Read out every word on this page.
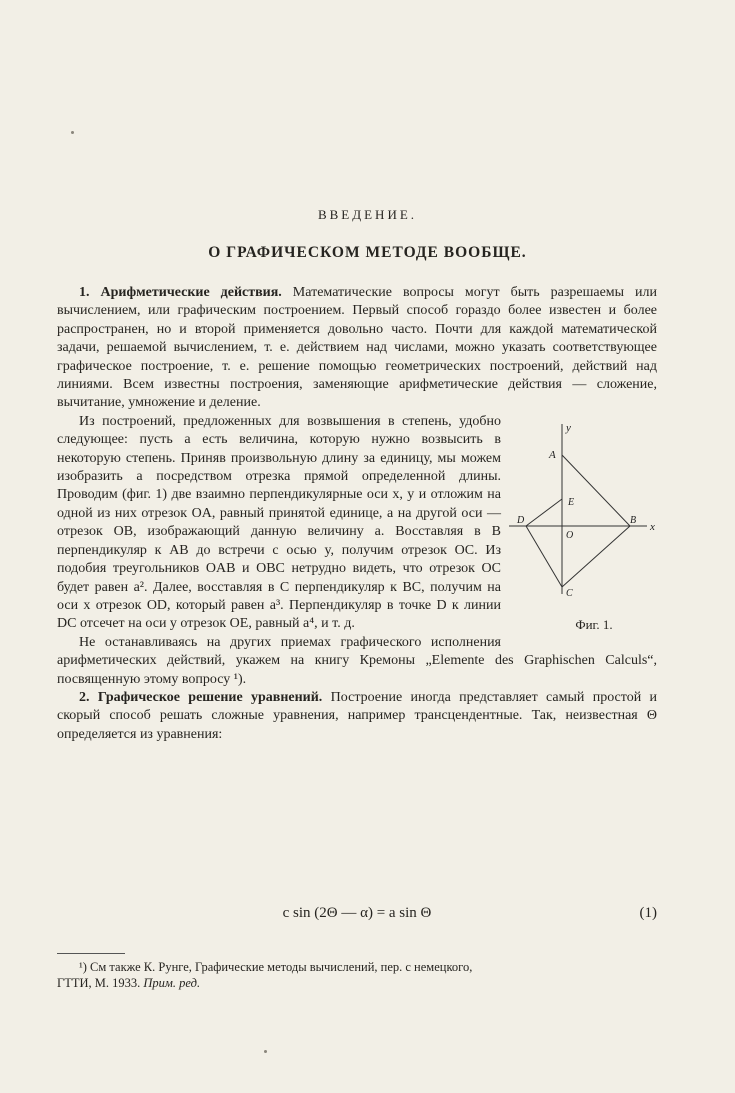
ВВЕДЕНИЕ.
О ГРАФИЧЕСКОМ МЕТОДЕ ВООБЩЕ.

1. Арифметические действия. Математические вопросы могут быть разрешаемы или вычислением, или графическим построением. Первый способ гораздо более известен и более распространен, но и второй применяется довольно часто. Почти для каждой математической задачи, решаемой вычислением, т. е. действием над числами, можно указать соответствующее графическое построение, т. е. решение помощью геометрических построений, действий над линиями. Всем известны построения, заменяющие арифметические действия — сложение, вычитание, умножение и деление.

y
A
E
D	B
x
O
C
Фиг. 1.
Из построений, предложенных для возвышения в степень, удобно следующее: пусть a есть величина, которую нужно возвысить в некоторую степень. Приняв произвольную длину за единицу, мы можем изобразить a посредством отрезка прямой определенной длины. Проводим (фиг. 1) две взаимно перпендикулярные оси x, y и отложим на одной из них отрезок OA, равный принятой единице, а на другой оси — отрезок OB, изображающий данную величину a. Восставляя в B перпендикуляр к AB до встречи с осью y, получим отрезок OC. Из подобия треугольников OAB и OBC нетрудно видеть, что отрезок OC будет равен a². Далее, восставляя в C перпендикуляр к BC, получим на оси x отрезок OD, который равен a³. Перпендикуляр в точке D к линии DC отсечет на оси y отрезок OE, равный a⁴, и т. д.

Не останавливаясь на других приемах графического исполнения арифметических действий, укажем на книгу Кремоны „Elemente des Graphischen Calculs“, посвященную этому вопросу ¹).

2. Графическое решение уравнений. Построение иногда представляет самый простой и скорый способ решать сложные уравнения, например трансцендентные. Так, неизвестная Θ определяется из уравнения:

c sin (2Θ — α) = a sin Θ	(1)
¹) См также К. Рунге, Графические методы вычислений, пер. с немецкого,
ГТТИ, М. 1933. Прим. ред.
